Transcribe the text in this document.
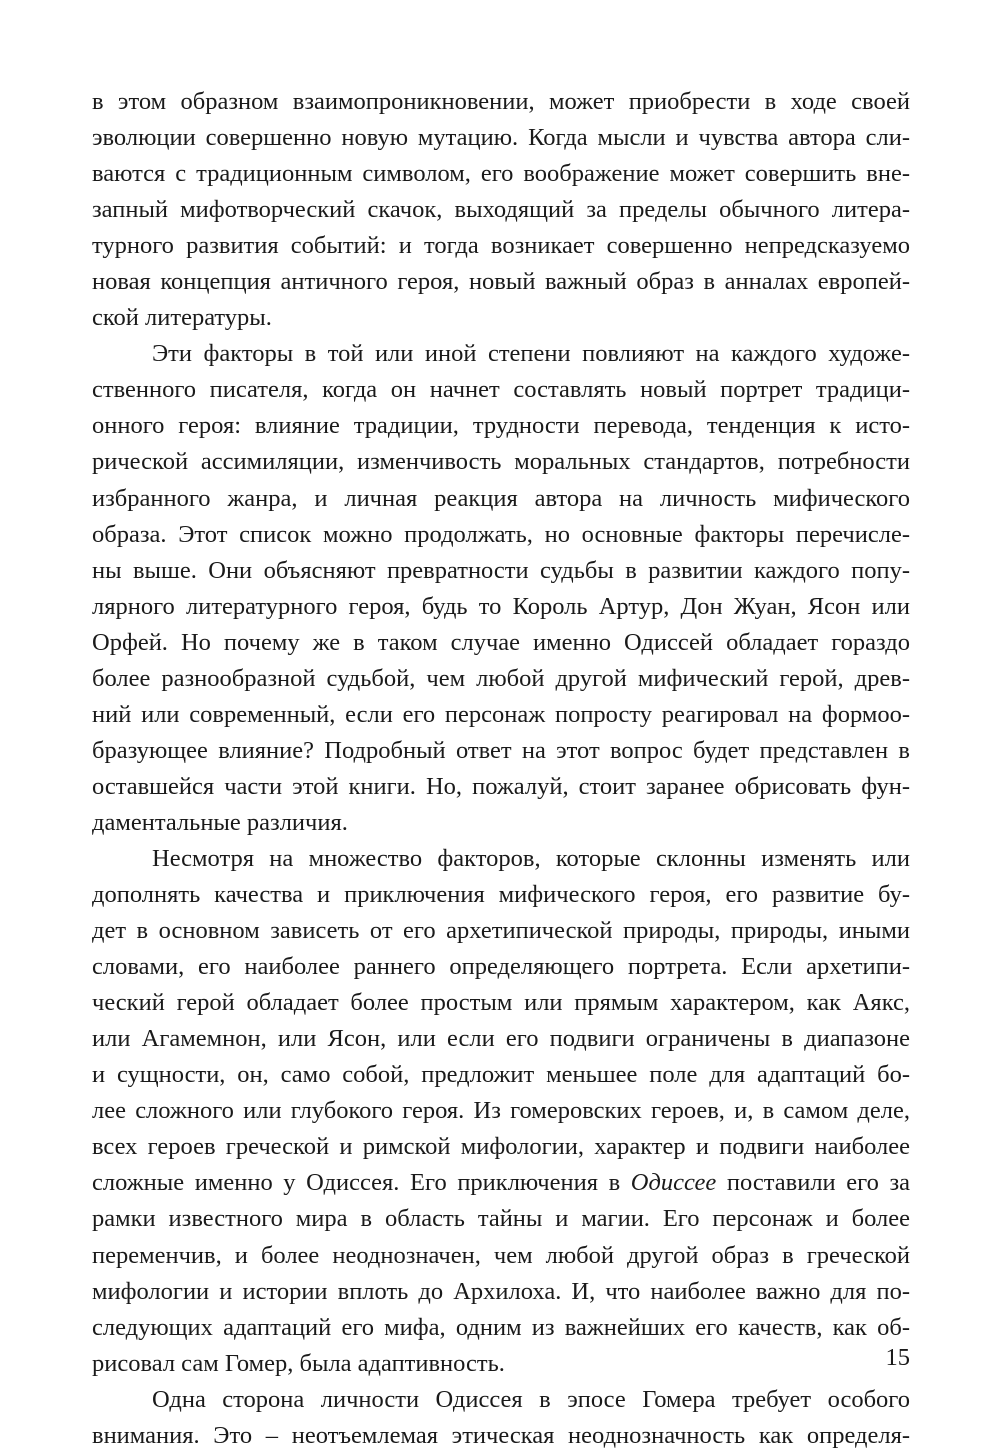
в этом образном взаимопроникновении, может приобрести в ходе своей
эволюции совершенно новую мутацию. Когда мысли и чувства автора сли-
ваются с традиционным символом, его воображение может совершить вне-
запный мифотворческий скачок, выходящий за пределы обычного литера-
турного развития событий: и тогда возникает совершенно непредсказуемо
новая концепция античного героя, новый важный образ в анналах европей-
ской литературы.
Эти факторы в той или иной степени повлияют на каждого художе-
ственного писателя, когда он начнет составлять новый портрет традици-
онного героя: влияние традиции, трудности перевода, тенденция к исто-
рической ассимиляции, изменчивость моральных стандартов, потребности
избранного жанра, и личная реакция автора на личность мифического
образа. Этот список можно продолжать, но основные факторы перечисле-
ны выше. Они объясняют превратности судьбы в развитии каждого попу-
лярного литературного героя, будь то Король Артур, Дон Жуан, Ясон или
Орфей. Но почему же в таком случае именно Одиссей обладает гораздо
более разнообразной судьбой, чем любой другой мифический герой, древ-
ний или современный, если его персонаж попросту реагировал на формоо-
бразующее влияние? Подробный ответ на этот вопрос будет представлен в
оставшейся части этой книги. Но, пожалуй, стоит заранее обрисовать фун-
даментальные различия.
Несмотря на множество факторов, которые склонны изменять или
дополнять качества и приключения мифического героя, его развитие бу-
дет в основном зависеть от его архетипической природы, природы, иными
словами, его наиболее раннего определяющего портрета. Если архетипи-
ческий герой обладает более простым или прямым характером, как Аякс,
или Агамемнон, или Ясон, или если его подвиги ограничены в диапазоне
и сущности, он, само собой, предложит меньшее поле для адаптаций бо-
лее сложного или глубокого героя. Из гомеровских героев, и, в самом деле,
всех героев греческой и римской мифологии, характер и подвиги наиболее
сложные именно у Одиссея. Его приключения в Одиссее поставили его за
рамки известного мира в область тайны и магии. Его персонаж и более
переменчив, и более неоднозначен, чем любой другой образ в греческой
мифологии и истории вплоть до Архилоха. И, что наиболее важно для по-
следующих адаптаций его мифа, одним из важнейших его качеств, как об-
рисовал сам Гомер, была адаптивность.
Одна сторона личности Одиссея в эпосе Гомера требует особого
внимания. Это – неотъемлемая этическая неоднозначность как определя-
15
